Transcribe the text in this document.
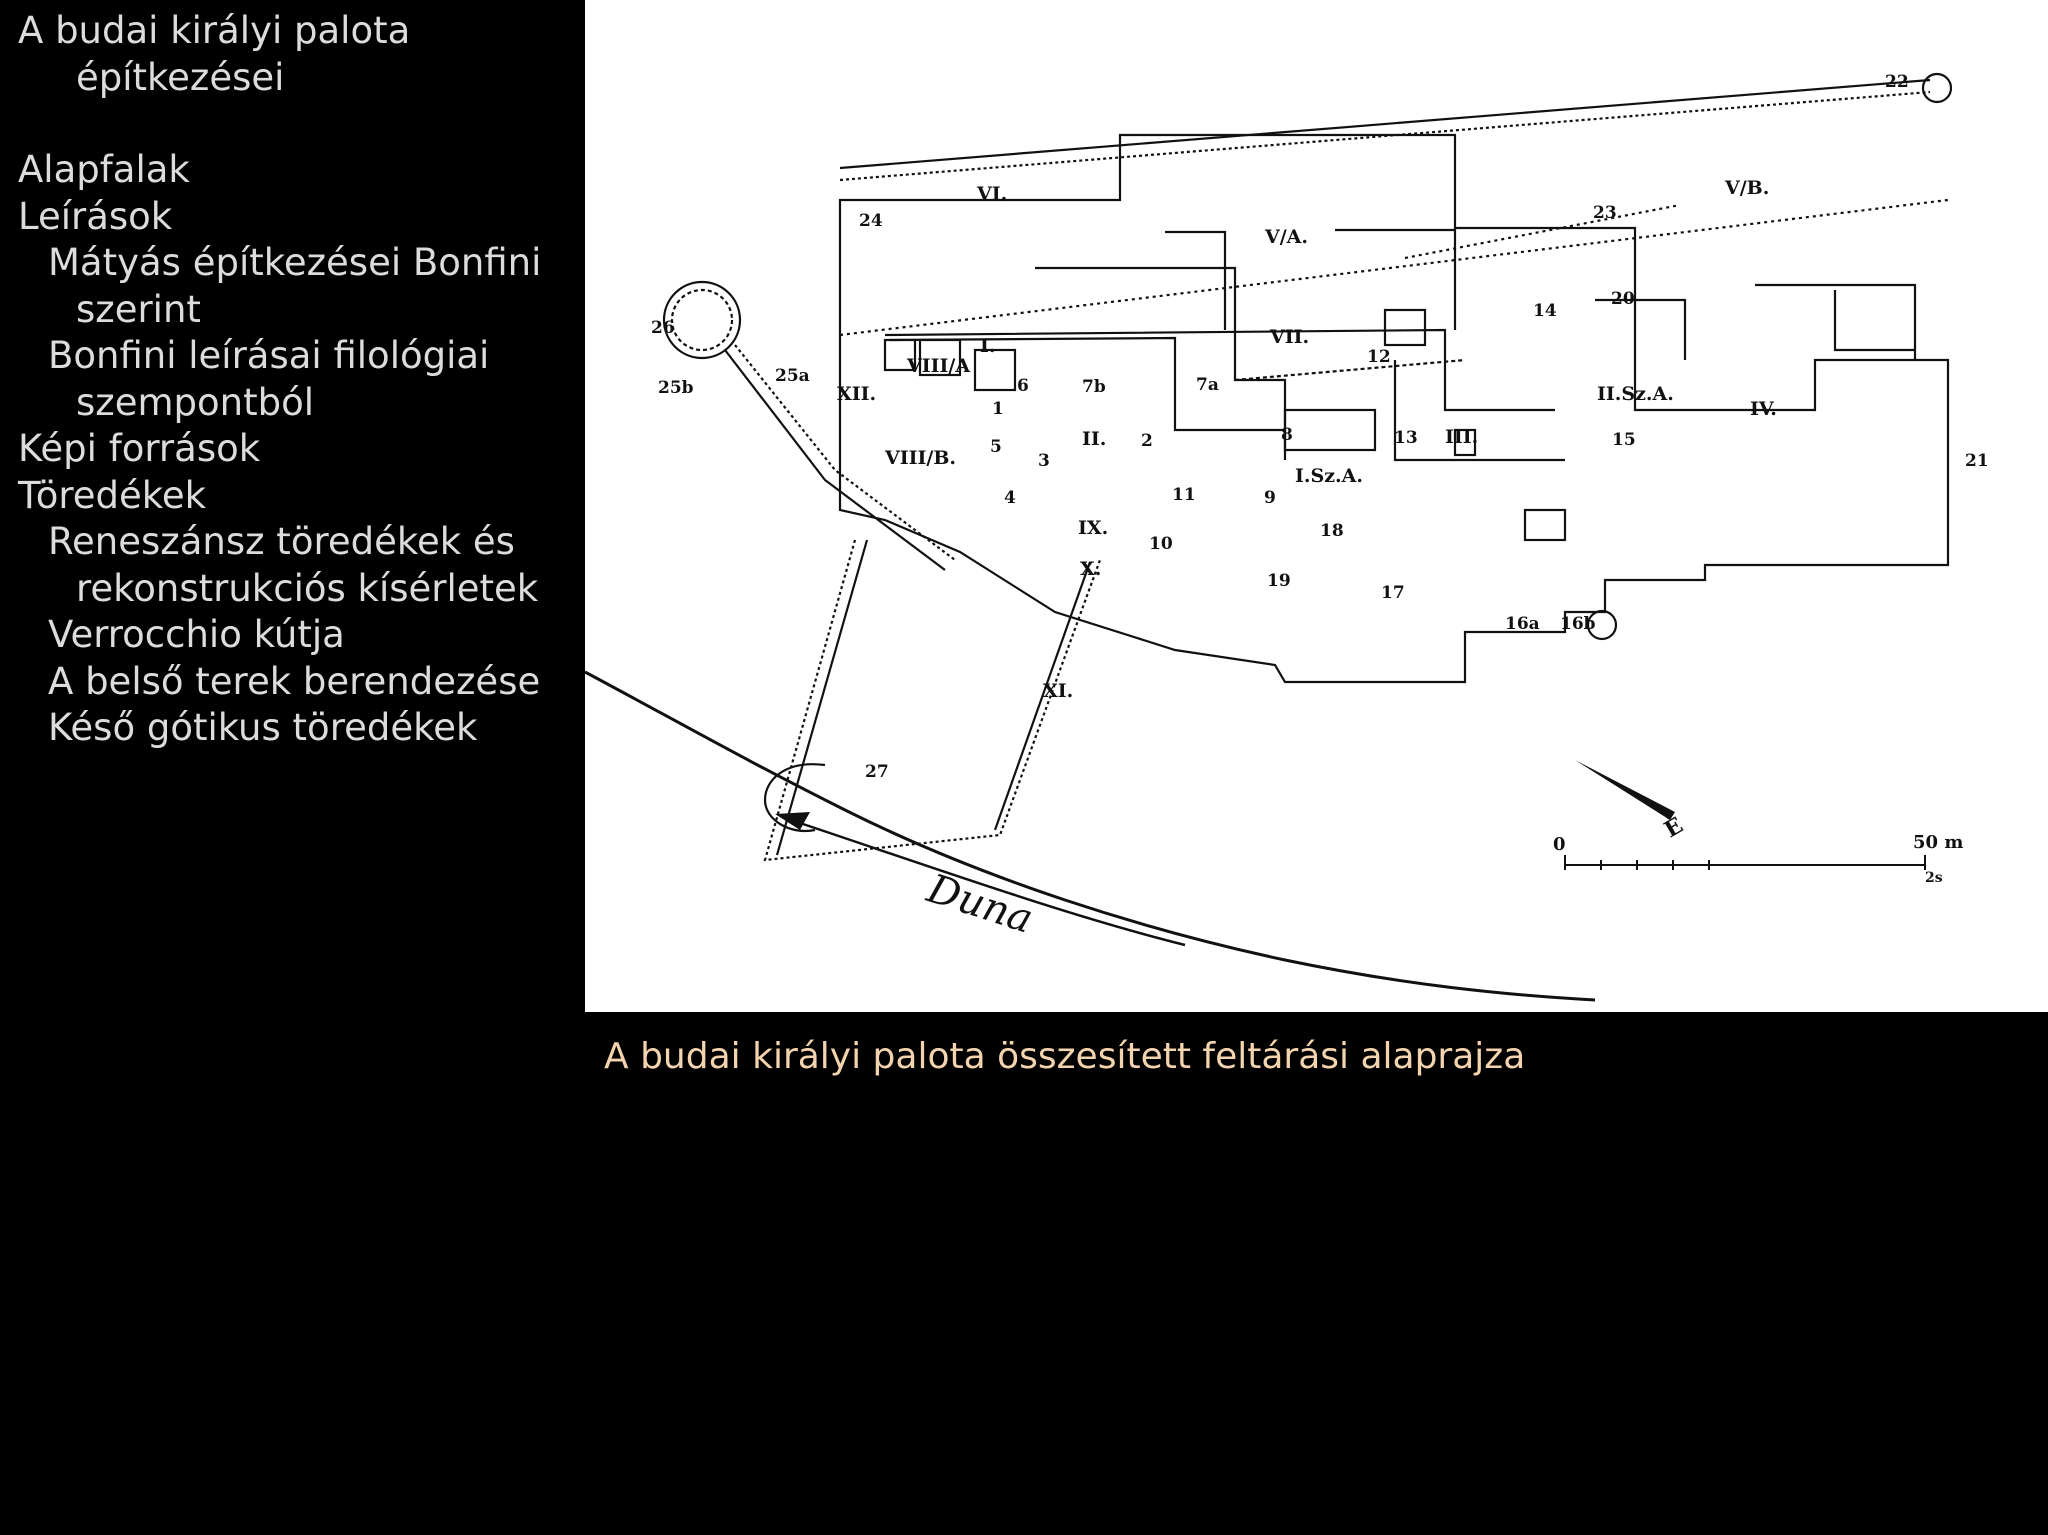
A budai királyi palota
építkezései
Alapfalak
Leírások
Mátyás építkezései Bonfini
szerint
Bonfini leírásai filológiai
szempontból
Képi források
Töredékek
Reneszánsz töredékek és
rekonstrukciós kísérletek
Verrocchio kútja
A belső terek berendezése
Késő gótikus töredékek
0	50 m
2s
Duna
É
I.
II.	III.
IV.
V/A.
V/B.
VI.
VII.
VIII/A
VIII/B.
IX.
X.
XI.
XII.
I.Sz.A.
II.Sz.A.
1
2
3
4
5
6	7a
7b
8
9
10
11
12
13
14
15
16a 16b
17
18
19
20
21
22
23
24
25a
25b
26
27
A budai királyi palota összesített feltárási alaprajza
